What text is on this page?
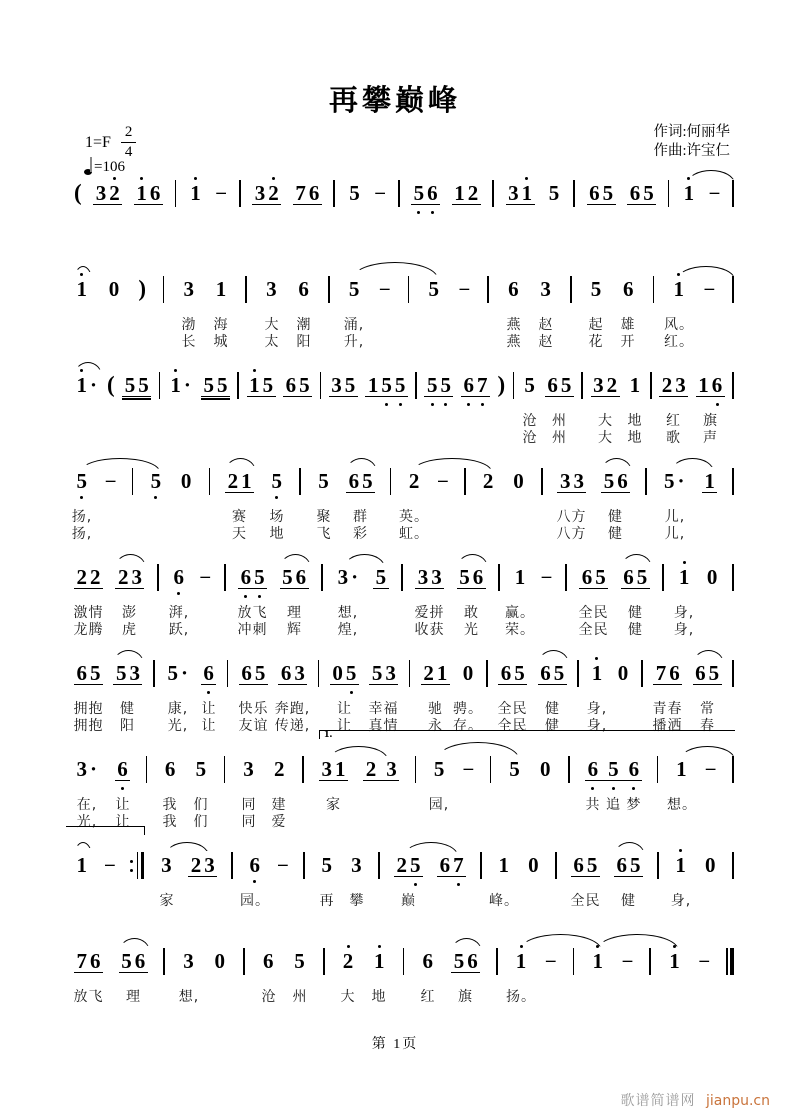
再攀巅峰
$1=F \frac{2}{4}$
=106
作词:何丽华
作曲:许宝仁
( 3 2 1 6 1 – 3 2 7 6 5 – 5 6 1 2 3 1 5 6 5 6 5 1 –
1 0 ) 3 1 3 6 5 – 5 – 6 3 5 6 1 –
渤 海	大 潮 涌,	燕 赵	起 雄 风。
长 城	太 阳 升,	燕 赵	花 开 红。
1 · ( 5 5 1 · 5 5 1 5 6 5 3 5 1 5 5 5 5 6 7 ) 5 6 5 3 2 1 2 3 1 6
沧 州 大 地 红 旗
沧 州 大 地 歌 声
5 – 5 0 2 1 5 5 6 5 2 – 2 0 3 3 5 6 5 · 1
扬,	赛 场 聚 群 英。	八方 健	儿,
扬,	天 地 飞 彩 虹。	八方 健	儿,
2 2 2 3 6 – 6 5 5 6 3 · 5 3 3 5 6 1 – 6 5 6 5 1 0
激情 澎 湃,	放飞 理	想,	爱拼 敢 赢。	全民 健 身,
龙腾 虎 跃,	冲刺 辉	煌,	收获 光 荣。	全民 健 身,
6 5 5 3 5 · 6 6 5 6 3 0 5 5 3 2 1 0 6 5 6 5 1 0 7 6 6 5
拥抱 健 康, 让 快乐 奔跑, 让 幸福 驰 骋。 全民 健 身,	青春 常
拥抱 阳 光, 让 友谊 传递, 让 真情 永 存。 全民 健 身,	播洒 春
3 · 6 6 5 3 2 3 1 2 3 5 – 5 0 6 5 6 1 –
1.
在, 让 我 们 同 建	家	园,	共 追 梦 想。
光, 让 我 们 同 爱
1 – 3 2 3 6 – 5 3 2 5 6 7 1 0 6 5 6 5 1 0
家	园。	再 攀	巅	峰。	全民 健 身,
7 6 5 6 3 0 6 5 2 1 6 5 6 1 – 1 – 1 –
放飞 理	想,	沧 州 大 地 红 旗 扬。
第 1页
歌谱简谱网 jianpu.cn
